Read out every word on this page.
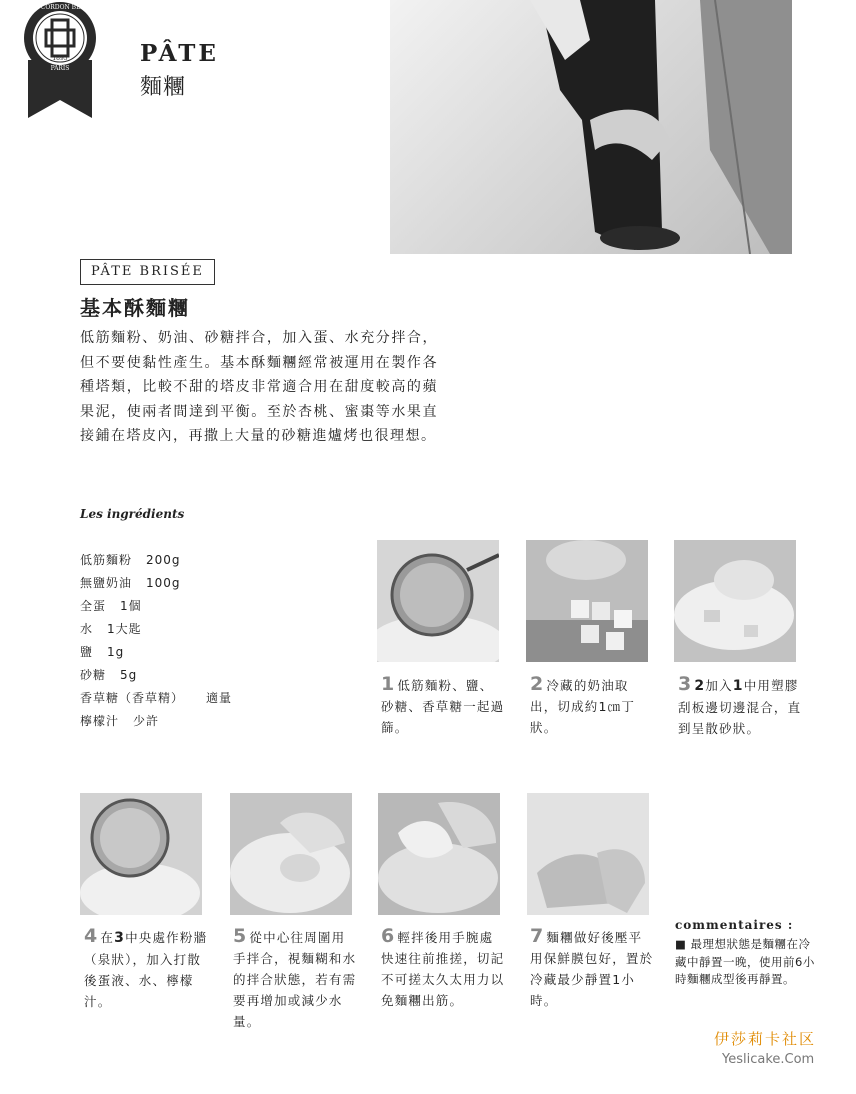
LE CORDON BLEU
1895
PARIS
PÂTE
麵糰
PÂTE BRISÉE
基本酥麵糰
低筋麵粉、奶油、砂糖拌合，加入蛋、水充分拌合，但不要使黏性產生。基本酥麵糰經常被運用在製作各種塔類，比較不甜的塔皮非常適合用在甜度較高的蘋果泥，使兩者間達到平衡。至於杏桃、蜜棗等水果直接鋪在塔皮內，再撒上大量的砂糖進爐烤也很理想。
Les ingrédients
低筋麵粉 200g
無鹽奶油 100g
全蛋 1個
水 1大匙
鹽 1g
砂糖 5g
香草糖（香草精） 適量
檸檬汁 少許
1 低筋麵粉、鹽、砂糖、香草糖一起過篩。
2 冷藏的奶油取出，切成約1㎝丁狀。
3 2加入1中用塑膠刮板邊切邊混合，直到呈散砂狀。
4 在3中央處作粉牆（泉狀），加入打散後蛋液、水、檸檬汁。
5 從中心往周圍用手拌合，視麵糊和水的拌合狀態，若有需要再增加或減少水量。
6 輕拌後用手腕處快速往前推搓，切記不可搓太久太用力以免麵糰出筋。
7 麵糰做好後壓平用保鮮膜包好，置於冷藏最少靜置1小時。
commentaires :
■ 最理想狀態是麵糰在冷藏中靜置一晚，使用前6小時麵糰成型後再靜置。
伊莎莉卡社区
Yeslicake.Com
